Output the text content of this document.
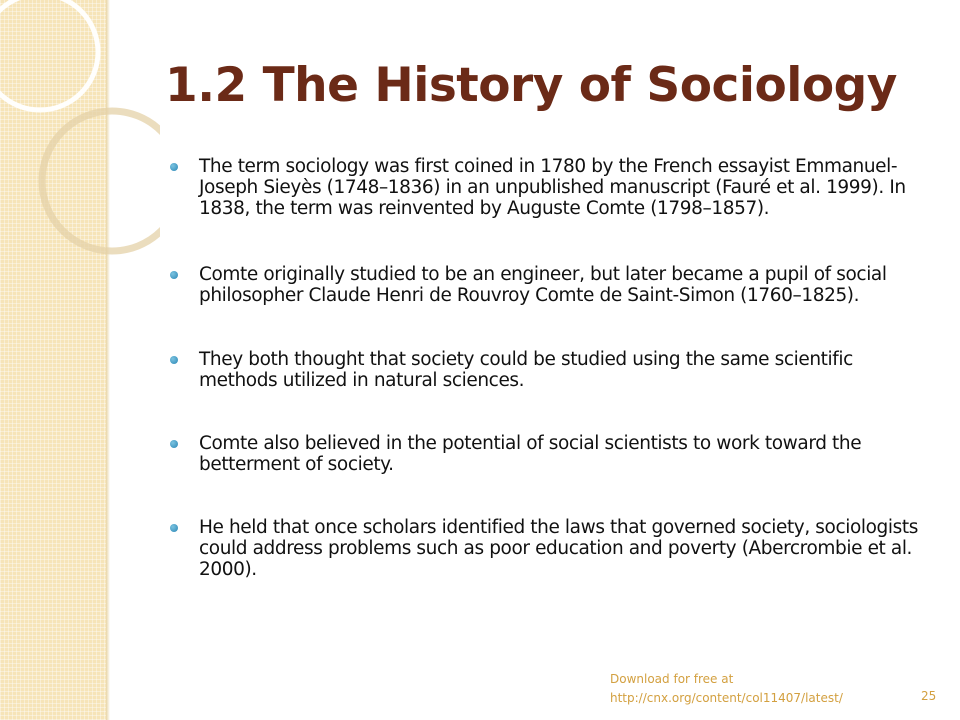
1.2 The History of Sociology
The term sociology was first coined in 1780 by the French essayist Emmanuel-Joseph Sieyès (1748–1836) in an unpublished manuscript (Fauré et al. 1999). In 1838, the term was reinvented by Auguste Comte (1798–1857).
Comte originally studied to be an engineer, but later became a pupil of social philosopher Claude Henri de Rouvroy Comte de Saint-Simon (1760–1825).
They both thought that society could be studied using the same scientific methods utilized in natural sciences.
Comte also believed in the potential of social scientists to work toward the betterment of society.
He held that once scholars identified the laws that governed society, sociologists could address problems such as poor education and poverty (Abercrombie et al. 2000).
Download for free at
http://cnx.org/content/col11407/latest/	25
